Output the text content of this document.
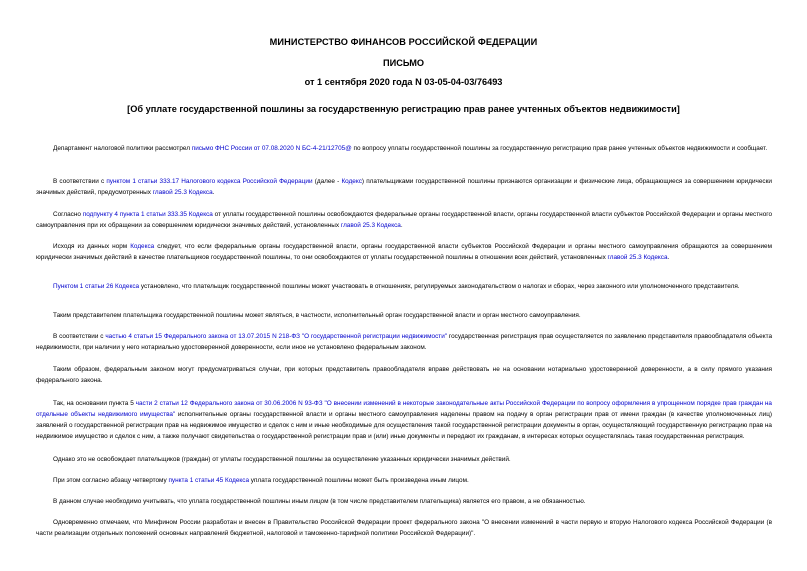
МИНИСТЕРСТВО ФИНАНСОВ РОССИЙСКОЙ ФЕДЕРАЦИИ
ПИСЬМО
от 1 сентября 2020 года N 03-05-04-03/76493
[Об уплате государственной пошлины за государственную регистрацию прав ранее учтенных объектов недвижимости]

Департамент налоговой политики рассмотрел письмо ФНС России от 07.08.2020 N БС-4-21/12705@ по вопросу уплаты государственной пошлины за государственную регистрацию прав ранее учтенных объектов недвижимости и сообщает.

В соответствии с пунктом 1 статьи 333.17 Налогового кодекса Российской Федерации (далее - Кодекс) плательщиками государственной пошлины признаются организации и физические лица, обращающиеся за совершением юридически значимых действий, предусмотренных главой 25.3 Кодекса.

Согласно подпункту 4 пункта 1 статьи 333.35 Кодекса от уплаты государственной пошлины освобождаются федеральные органы государственной власти, органы государственной власти субъектов Российской Федерации и органы местного самоуправления при их обращении за совершением юридически значимых действий, установленных главой 25.3 Кодекса.

Исходя из данных норм Кодекса следует, что если федеральные органы государственной власти, органы государственной власти субъектов Российской Федерации и органы местного самоуправления обращаются за совершением юридически значимых действий в качестве плательщиков государственной пошлины, то они освобождаются от уплаты государственной пошлины в отношении всех действий, установленных главой 25.3 Кодекса.

Пунктом 1 статьи 26 Кодекса установлено, что плательщик государственной пошлины может участвовать в отношениях, регулируемых законодательством о налогах и сборах, через законного или уполномоченного представителя.

Таким представителем плательщика государственной пошлины может являться, в частности, исполнительный орган государственной власти и орган местного самоуправления.

В соответствии с частью 4 статьи 15 Федерального закона от 13.07.2015 N 218-ФЗ "О государственной регистрации недвижимости" государственная регистрация прав осуществляется по заявлению представителя правообладателя объекта недвижимости, при наличии у него нотариально удостоверенной доверенности, если иное не установлено федеральным законом.

Таким образом, федеральным законом могут предусматриваться случаи, при которых представитель правообладателя вправе действовать не на основании нотариально удостоверенной доверенности, а в силу прямого указания федерального закона.

Так, на основании пункта 5 части 2 статьи 12 Федерального закона от 30.06.2006 N 93-ФЗ "О внесении изменений в некоторые законодательные акты Российской Федерации по вопросу оформления в упрощенном порядке прав граждан на отдельные объекты недвижимого имущества" исполнительные органы государственной власти и органы местного самоуправления наделены правом на подачу в орган регистрации прав от имени граждан (в качестве уполномоченных лиц) заявлений о государственной регистрации прав на недвижимое имущество и сделок с ним и иные необходимые для осуществления такой государственной регистрации документы в орган, осуществляющий государственную регистрацию прав на недвижимое имущество и сделок с ним, а также получают свидетельства о государственной регистрации прав и (или) иные документы и передают их гражданам, в интересах которых осуществлялась такая государственная регистрация.

Однако это не освобождает плательщиков (граждан) от уплаты государственной пошлины за осуществление указанных юридически значимых действий.

При этом согласно абзацу четвертому пункта 1 статьи 45 Кодекса уплата государственной пошлины может быть произведена иным лицом.

В данном случае необходимо учитывать, что уплата государственной пошлины иным лицом (в том числе представителем плательщика) является его правом, а не обязанностью.

Одновременно отмечаем, что Минфином России разработан и внесен в Правительство Российской Федерации проект федерального закона "О внесении изменений в части первую и вторую Налогового кодекса Российской Федерации (в части реализации отдельных положений основных направлений бюджетной, налоговой и таможенно-тарифной политики Российской Федерации)".
